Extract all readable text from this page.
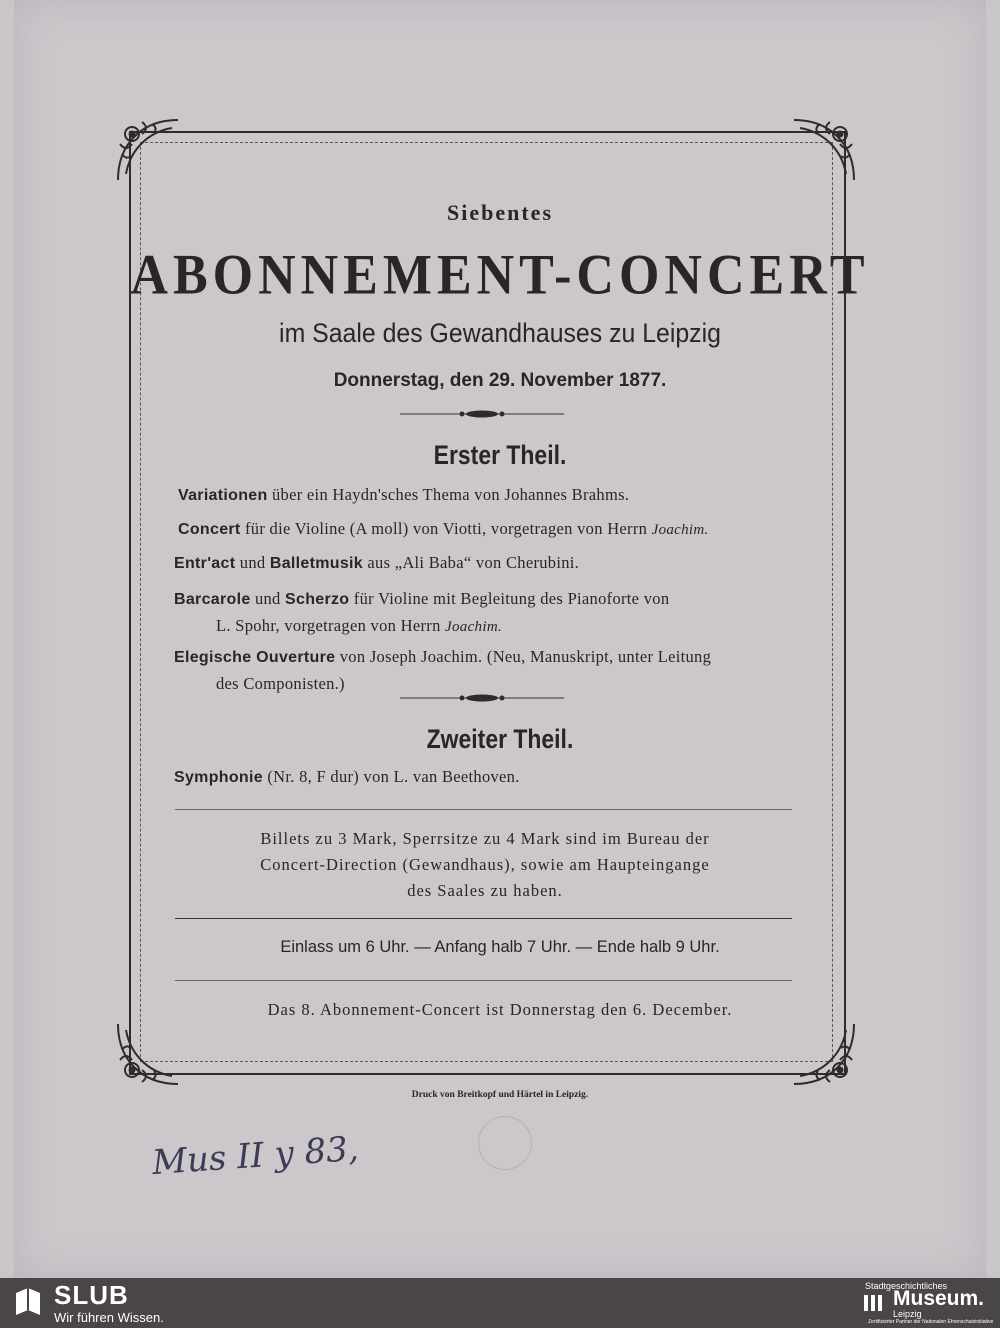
Siebentes
ABONNEMENT-CONCERT
im Saale des Gewandhauses zu Leipzig
Donnerstag, den 29. November 1877.
Erster Theil.
Variationen über ein Haydn'sches Thema von Johannes Brahms.
Concert für die Violine (A moll) von Viotti, vorgetragen von Herrn Joachim.
Entr'act und Balletmusik aus „Ali Baba“ von Cherubini.
Barcarole und Scherzo für Violine mit Begleitung des Pianoforte von
L. Spohr, vorgetragen von Herrn Joachim.
Elegische Ouverture von Joseph Joachim. (Neu, Manuskript, unter Leitung
des Componisten.)
Zweiter Theil.
Symphonie (Nr. 8, F dur) von L. van Beethoven.
Billets zu 3 Mark, Sperrsitze zu 4 Mark sind im Bureau der
Concert-Direction (Gewandhaus), sowie am Haupteingange
des Saales zu haben.
Einlass um 6 Uhr. — Anfang halb 7 Uhr. — Ende halb 9 Uhr.
Das 8. Abonnement-Concert ist Donnerstag den 6. December.
Druck von Breitkopf und Härtel in Leipzig.
Mus II y 83,
SLUB
Wir führen Wissen.
Stadtgeschichtliches
Museum.
Leipzig
Zertifizierter Partner der Nationalen Ehrenschutzinitiative
